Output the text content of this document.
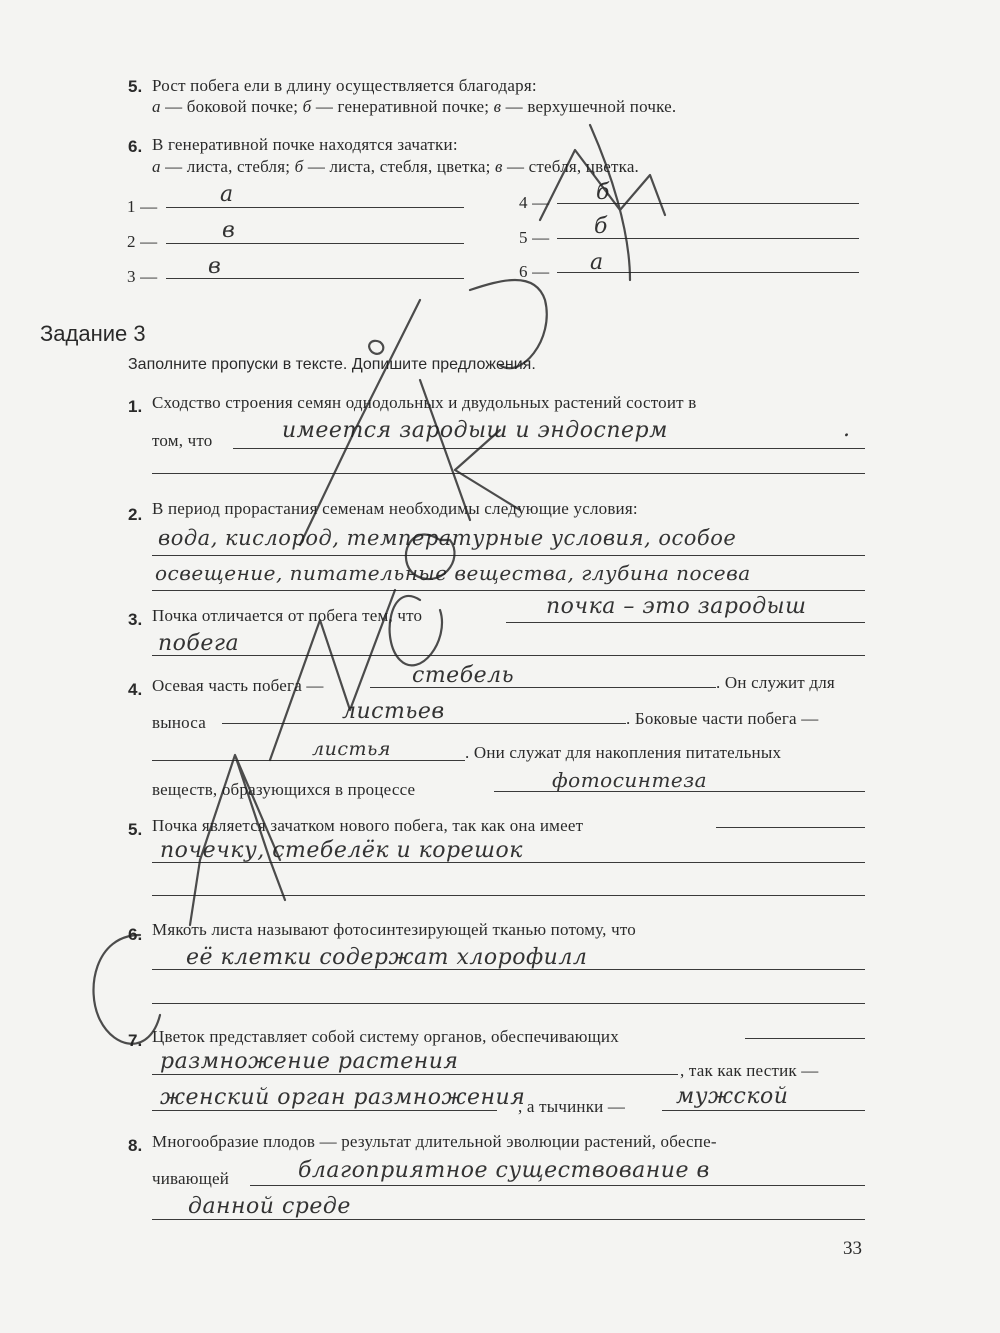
5. Рост побега ели в длину осуществляется благодаря:
а — боковой почке; б — генеративной почке; в — верхушечной почке.
6. В генеративной почке находятся зачатки:
а — листа, стебля; б — листа, стебля, цветка; в — стебля, цветка.
1 —	а
2 —	в
3 — в
4 — б
5 — б
6 — а
Задание 3
Заполните пропуски в тексте. Допишите предложения.
1. Сходство строения семян однодольных и двудольных растений состоит в
том, что	имеется зародыш и эндосперм	.
2. В период прорастания семенам необходимы следующие условия:
вода, кислород, температурные условия, особое
освещение, питательные вещества, глубина посева
3. Почка отличается от побега тем, что	почка – это зародыш
побега
4. Осевая часть побега —	стебель	. Он служит для
выноса	листьев	. Боковые части побега —
листья	. Они служат для накопления питательных
веществ, образующихся в процессе	фотосинтеза
5. Почка является зачатком нового побега, так как она имеет
почечку, стебелёк и корешок
6. Мякоть листа называют фотосинтезирующей тканью потому, что
её клетки содержат хлорофилл
7. Цветок представляет собой систему органов, обеспечивающих
размножение растения	, так как пестик —
женский орган размножения
, а тычинки — мужской
8. Многообразие плодов — результат длительной эволюции растений, обеспе-
чивающей	благоприятное существование в
данной среде
33
